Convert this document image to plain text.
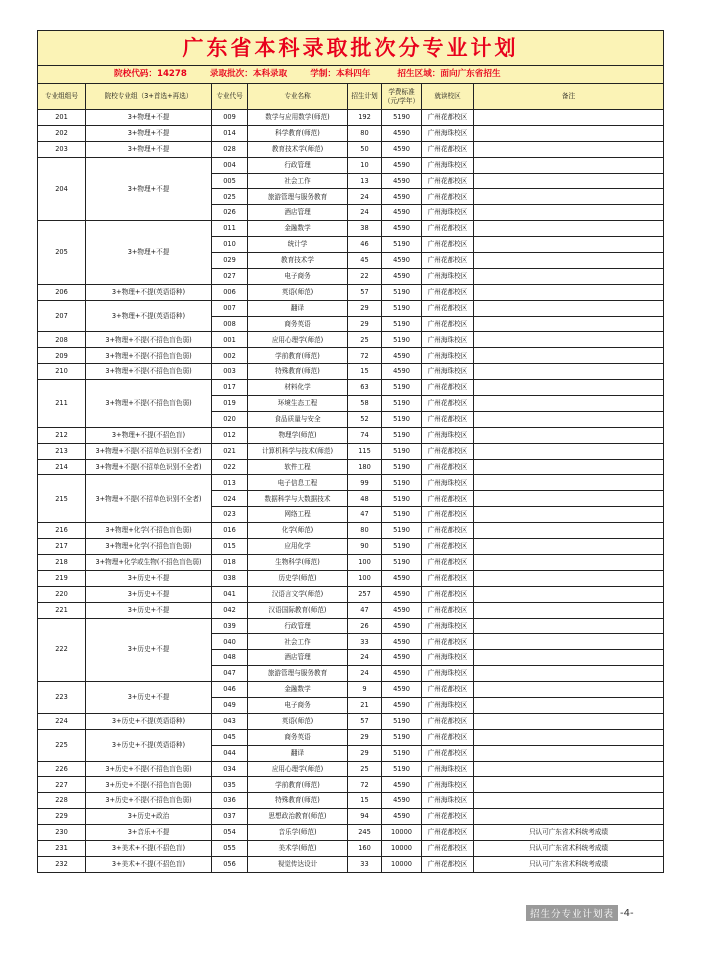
广东省本科录取批次分专业计划							
院校代码：14278 录取批次：本科录取 学制：本科四年 招生区域：面向广东省招生							
专业组组号	院校专业组（3+首选+再选）	专业代号	专业名称	招生计划	学费标准（元/学年）	就读校区	备注
201	3+物理+不提	009	数学与应用数学(师范)	192	5190	广州花都校区	
202	3+物理+不提	014	科学教育(师范)	80	4590	广州海珠校区	
203	3+物理+不提	028	教育技术学(师范)	50	4590	广州花都校区	
204	3+物理+不提	004	行政管理	10	4590	广州海珠校区	
		005	社会工作	13	4590	广州花都校区	
		025	旅游管理与服务教育	24	4590	广州花都校区	
		026	酒店管理	24	4590	广州海珠校区	
205	3+物理+不提	011	金融数学	38	4590	广州花都校区	
		010	统计学	46	5190	广州花都校区	
		029	教育技术学	45	4590	广州花都校区	
		027	电子商务	22	4590	广州海珠校区	
206	3+物理+不提(英语语种)	006	英语(师范)	57	5190	广州花都校区	
207	3+物理+不提(英语语种)	007	翻译	29	5190	广州花都校区	
		008	商务英语	29	5190	广州花都校区	
208	3+物理+不提(不招色盲色弱)	001	应用心理学(师范)	25	5190	广州海珠校区	
209	3+物理+不提(不招色盲色弱)	002	学前教育(师范)	72	4590	广州海珠校区	
210	3+物理+不提(不招色盲色弱)	003	特殊教育(师范)	15	4590	广州海珠校区	
211	3+物理+不提(不招色盲色弱)	017	材料化学	63	5190	广州花都校区	
		019	环境生态工程	58	5190	广州花都校区	
		020	食品质量与安全	52	5190	广州花都校区	
212	3+物理+不提(不招色盲)	012	物理学(师范)	74	5190	广州海珠校区	
213	3+物理+不提(不招单色识别不全者)	021	计算机科学与技术(师范)	115	5190	广州花都校区	
214	3+物理+不提(不招单色识别不全者)	022	软件工程	180	5190	广州花都校区	
215	3+物理+不提(不招单色识别不全者)	013	电子信息工程	99	5190	广州海珠校区	
		024	数据科学与大数据技术	48	5190	广州花都校区	
		023	网络工程	47	5190	广州花都校区	
216	3+物理+化学(不招色盲色弱)	016	化学(师范)	80	5190	广州花都校区	
217	3+物理+化学(不招色盲色弱)	015	应用化学	90	5190	广州花都校区	
218	3+物理+化学或生物(不招色盲色弱)	018	生物科学(师范)	100	5190	广州花都校区	
219	3+历史+不提	038	历史学(师范)	100	4590	广州花都校区	
220	3+历史+不提	041	汉语言文学(师范)	257	4590	广州花都校区	
221	3+历史+不提	042	汉语国际教育(师范)	47	4590	广州花都校区	
222	3+历史+不提	039	行政管理	26	4590	广州海珠校区	
		040	社会工作	33	4590	广州花都校区	
		048	酒店管理	24	4590	广州海珠校区	
		047	旅游管理与服务教育	24	4590	广州海珠校区	
223	3+历史+不提	046	金融数学	9	4590	广州花都校区	
		049	电子商务	21	4590	广州海珠校区	
224	3+历史+不提(英语语种)	043	英语(师范)	57	5190	广州花都校区	
225	3+历史+不提(英语语种)	045	商务英语	29	5190	广州花都校区	
		044	翻译	29	5190	广州花都校区	
226	3+历史+不提(不招色盲色弱)	034	应用心理学(师范)	25	5190	广州海珠校区	
227	3+历史+不提(不招色盲色弱)	035	学前教育(师范)	72	4590	广州海珠校区	
228	3+历史+不提(不招色盲色弱)	036	特殊教育(师范)	15	4590	广州海珠校区	
229	3+历史+政治	037	思想政治教育(师范)	94	4590	广州花都校区	
230	3+音乐+不提	054	音乐学(师范)	245	10000	广州花都校区	只认可广东省术科统考成绩
231	3+美术+不提(不招色盲)	055	美术学(师范)	160	10000	广州花都校区	只认可广东省术科统考成绩
232	3+美术+不提(不招色盲)	056	视觉传达设计	33	10000	广州花都校区	只认可广东省术科统考成绩
招生分专业计划表 -4-
